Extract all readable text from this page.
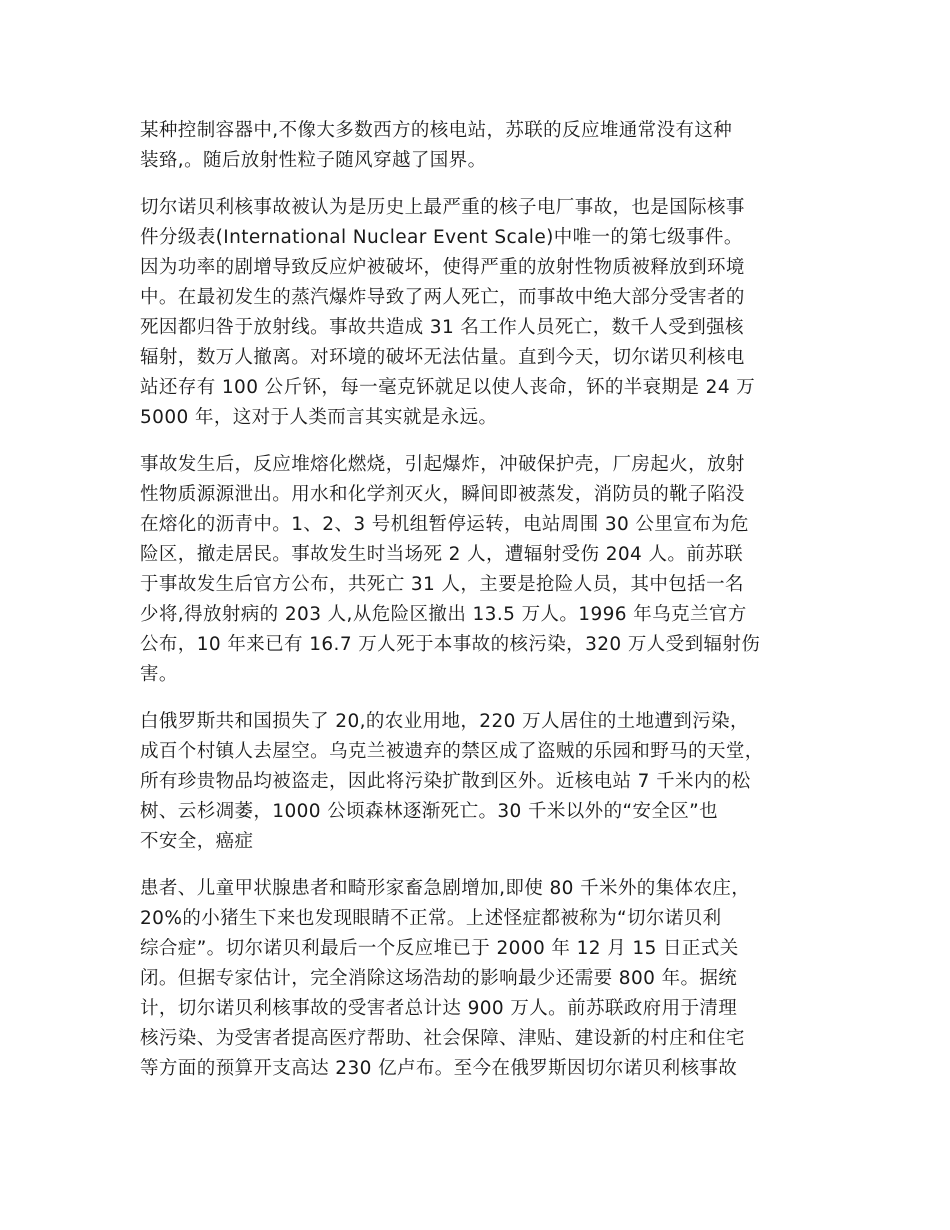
某种控制容器中,不像大多数西方的核电站，苏联的反应堆通常没有这种
装臵,。随后放射性粒子随风穿越了国界。

切尔诺贝利核事故被认为是历史上最严重的核子电厂事故，也是国际核事
件分级表(International Nuclear Event Scale)中唯一的第七级事件。
因为功率的剧增导致反应炉被破坏，使得严重的放射性物质被释放到环境
中。在最初发生的蒸汽爆炸导致了两人死亡，而事故中绝大部分受害者的
死因都归咎于放射线。事故共造成 31 名工作人员死亡，数千人受到强核
辐射，数万人撤离。对环境的破坏无法估量。直到今天，切尔诺贝利核电
站还存有 100 公斤钚，每一毫克钚就足以使人丧命，钚的半衰期是 24 万
5000 年，这对于人类而言其实就是永远。

事故发生后，反应堆熔化燃烧，引起爆炸，冲破保护壳，厂房起火，放射
性物质源源泄出。用水和化学剂灭火，瞬间即被蒸发，消防员的靴子陷没
在熔化的沥青中。1、2、3 号机组暂停运转，电站周围 30 公里宣布为危
险区，撤走居民。事故发生时当场死 2 人，遭辐射受伤 204 人。前苏联
于事故发生后官方公布，共死亡 31 人，主要是抢险人员，其中包括一名
少将,得放射病的 203 人,从危险区撤出 13.5 万人。1996 年乌克兰官方
公布，10 年来已有 16.7 万人死于本事故的核污染，320 万人受到辐射伤
害。

白俄罗斯共和国损失了 20,的农业用地，220 万人居住的土地遭到污染，
成百个村镇人去屋空。乌克兰被遗弃的禁区成了盗贼的乐园和野马的天堂，
所有珍贵物品均被盗走，因此将污染扩散到区外。近核电站 7 千米内的松
树、云杉凋萎，1000 公顷森林逐渐死亡。30 千米以外的“安全区”也
不安全，癌症

患者、儿童甲状腺患者和畸形家畜急剧增加,即使 80 千米外的集体农庄，
20%的小猪生下来也发现眼睛不正常。上述怪症都被称为“切尔诺贝利
综合症”。切尔诺贝利最后一个反应堆已于 2000 年 12 月 15 日正式关
闭。但据专家估计，完全消除这场浩劫的影响最少还需要 800 年。据统
计，切尔诺贝利核事故的受害者总计达 900 万人。前苏联政府用于清理
核污染、为受害者提高医疗帮助、社会保障、津贴、建设新的村庄和住宅
等方面的预算开支高达 230 亿卢布。至今在俄罗斯因切尔诺贝利核事故
